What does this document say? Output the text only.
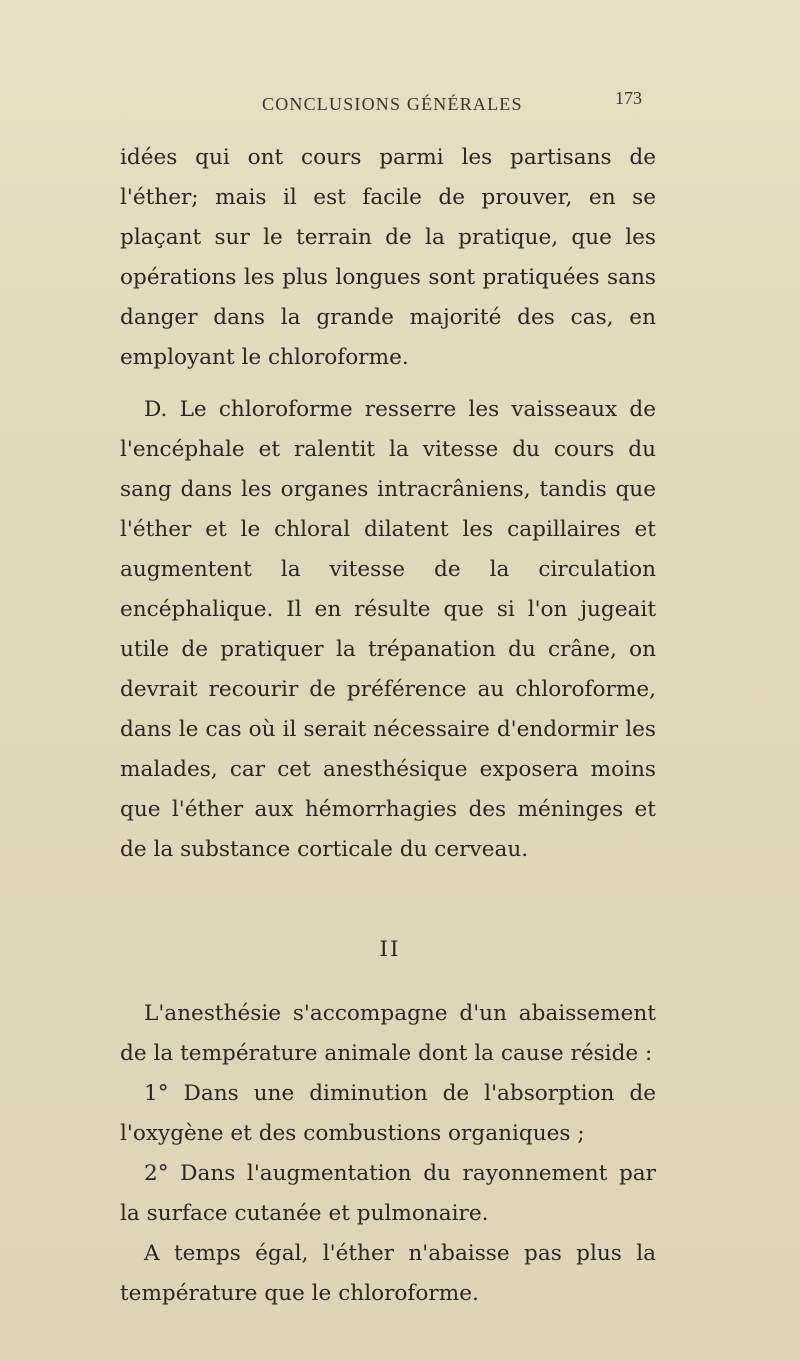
CONCLUSIONS GÉNÉRALES	173

idées qui ont cours parmi les partisans de l'éther; mais il est facile de prouver, en se plaçant sur le terrain de la pratique, que les opérations les plus longues sont pratiquées sans danger dans la grande majorité des cas, en employant le chloroforme.

D. Le chloroforme resserre les vaisseaux de l'encéphale et ralentit la vitesse du cours du sang dans les organes intracrâniens, tandis que l'éther et le chloral dilatent les capillaires et augmentent la vitesse de la circulation encéphalique. Il en résulte que si l'on jugeait utile de pratiquer la trépanation du crâne, on devrait recourir de préférence au chloroforme, dans le cas où il serait nécessaire d'endormir les malades, car cet anesthésique exposera moins que l'éther aux hémorrhagies des méninges et de la substance corticale du cerveau.

II

L'anesthésie s'accompagne d'un abaissement de la température animale dont la cause réside :

1° Dans une diminution de l'absorption de l'oxygène et des combustions organiques ;

2° Dans l'augmentation du rayonnement par la surface cutanée et pulmonaire.

A temps égal, l'éther n'abaisse pas plus la température que le chloroforme.
